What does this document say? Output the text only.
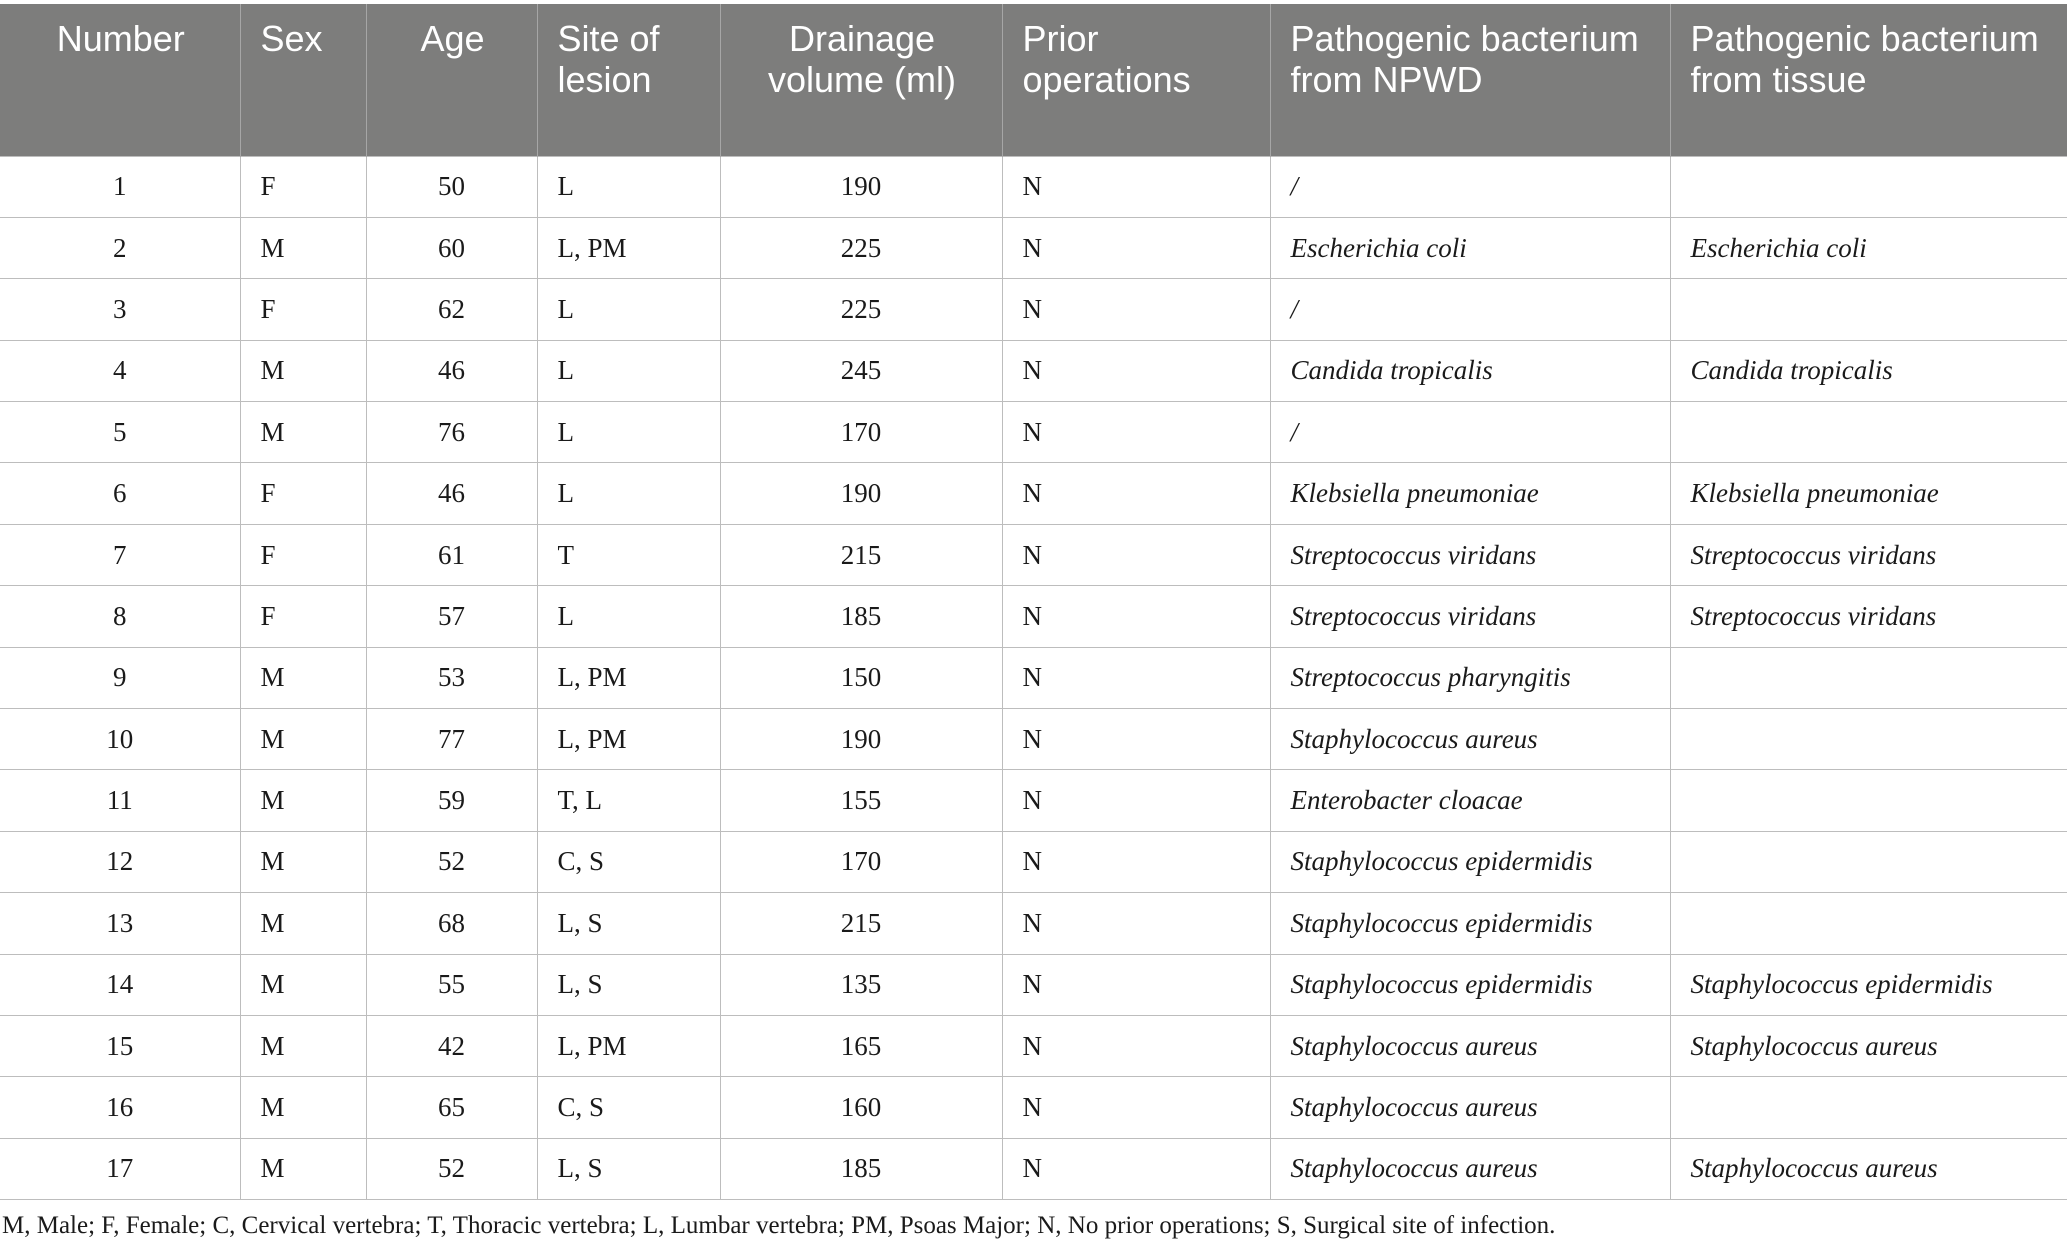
Number	Sex	Age	Site of lesion	Drainage volume (ml)	Prior operations	Pathogenic bacterium from NPWD	Pathogenic bacterium from tissue
1	F	50	L	190	N	/	
2	M	60	L, PM	225	N	Escherichia coli	Escherichia coli
3	F	62	L	225	N	/	
4	M	46	L	245	N	Candida tropicalis	Candida tropicalis
5	M	76	L	170	N	/	
6	F	46	L	190	N	Klebsiella pneumoniae	Klebsiella pneumoniae
7	F	61	T	215	N	Streptococcus viridans	Streptococcus viridans
8	F	57	L	185	N	Streptococcus viridans	Streptococcus viridans
9	M	53	L, PM	150	N	Streptococcus pharyngitis	
10	M	77	L, PM	190	N	Staphylococcus aureus	
11	M	59	T, L	155	N	Enterobacter cloacae	
12	M	52	C, S	170	N	Staphylococcus epidermidis	
13	M	68	L, S	215	N	Staphylococcus epidermidis	
14	M	55	L, S	135	N	Staphylococcus epidermidis	Staphylococcus epidermidis
15	M	42	L, PM	165	N	Staphylococcus aureus	Staphylococcus aureus
16	M	65	C, S	160	N	Staphylococcus aureus	
17	M	52	L, S	185	N	Staphylococcus aureus	Staphylococcus aureus

M, Male; F, Female; C, Cervical vertebra; T, Thoracic vertebra; L, Lumbar vertebra; PM, Psoas Major; N, No prior operations; S, Surgical site of infection.
